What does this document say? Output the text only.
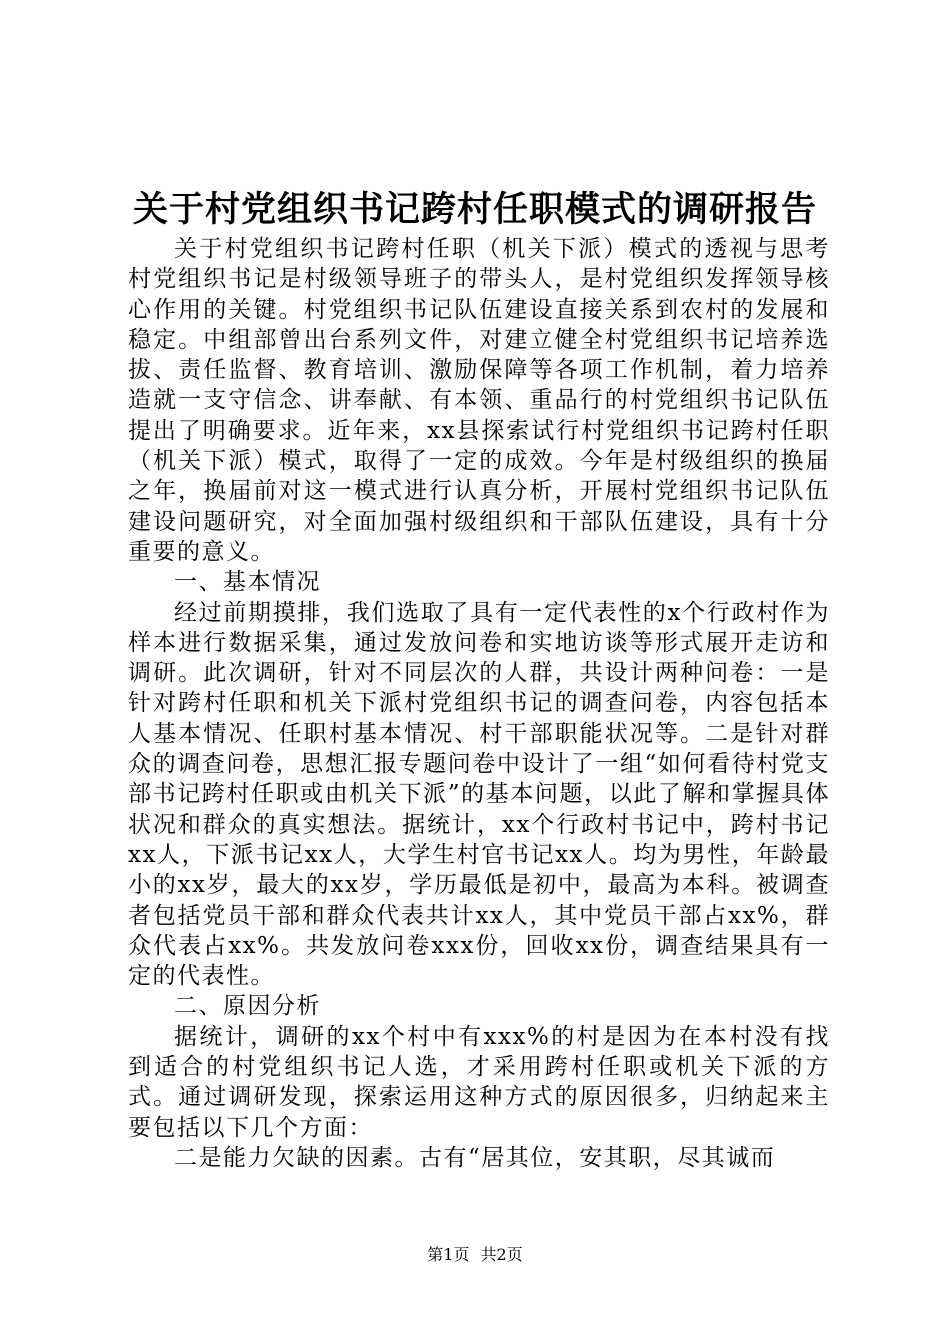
关于村党组织书记跨村任职模式的调研报告

关于村党组织书记跨村任职（机关下派）模式的透视与思考村党组织书记是村级领导班子的带头人，是村党组织发挥领导核心作用的关键。村党组织书记队伍建设直接关系到农村的发展和稳定。中组部曾出台系列文件，对建立健全村党组织书记培养选拔、责任监督、教育培训、激励保障等各项工作机制，着力培养造就一支守信念、讲奉献、有本领、重品行的村党组织书记队伍提出了明确要求。近年来，xx县探索试行村党组织书记跨村任职（机关下派）模式，取得了一定的成效。今年是村级组织的换届之年，换届前对这一模式进行认真分析，开展村党组织书记队伍建设问题研究，对全面加强村级组织和干部队伍建设，具有十分重要的意义。

一、基本情况

经过前期摸排，我们选取了具有一定代表性的x个行政村作为样本进行数据采集，通过发放问卷和实地访谈等形式展开走访和调研。此次调研，针对不同层次的人群，共设计两种问卷：一是针对跨村任职和机关下派村党组织书记的调查问卷，内容包括本人基本情况、任职村基本情况、村干部职能状况等。二是针对群众的调查问卷，思想汇报专题问卷中设计了一组“如何看待村党支部书记跨村任职或由机关下派”的基本问题，以此了解和掌握具体状况和群众的真实想法。据统计，xx个行政村书记中，跨村书记xx人，下派书记xx人，大学生村官书记xx人。均为男性，年龄最小的xx岁，最大的xx岁，学历最低是初中，最高为本科。被调查者包括党员干部和群众代表共计xx人，其中党员干部占xx%，群众代表占xx%。共发放问卷xxx份，回收xx份，调查结果具有一定的代表性。

二、原因分析

据统计，调研的xx个村中有xxx%的村是因为在本村没有找到适合的村党组织书记人选，才采用跨村任职或机关下派的方式。通过调研发现，探索运用这种方式的原因很多，归纳起来主要包括以下几个方面：

二是能力欠缺的因素。古有“居其位，安其职，尽其诚而

第1页 共2页
